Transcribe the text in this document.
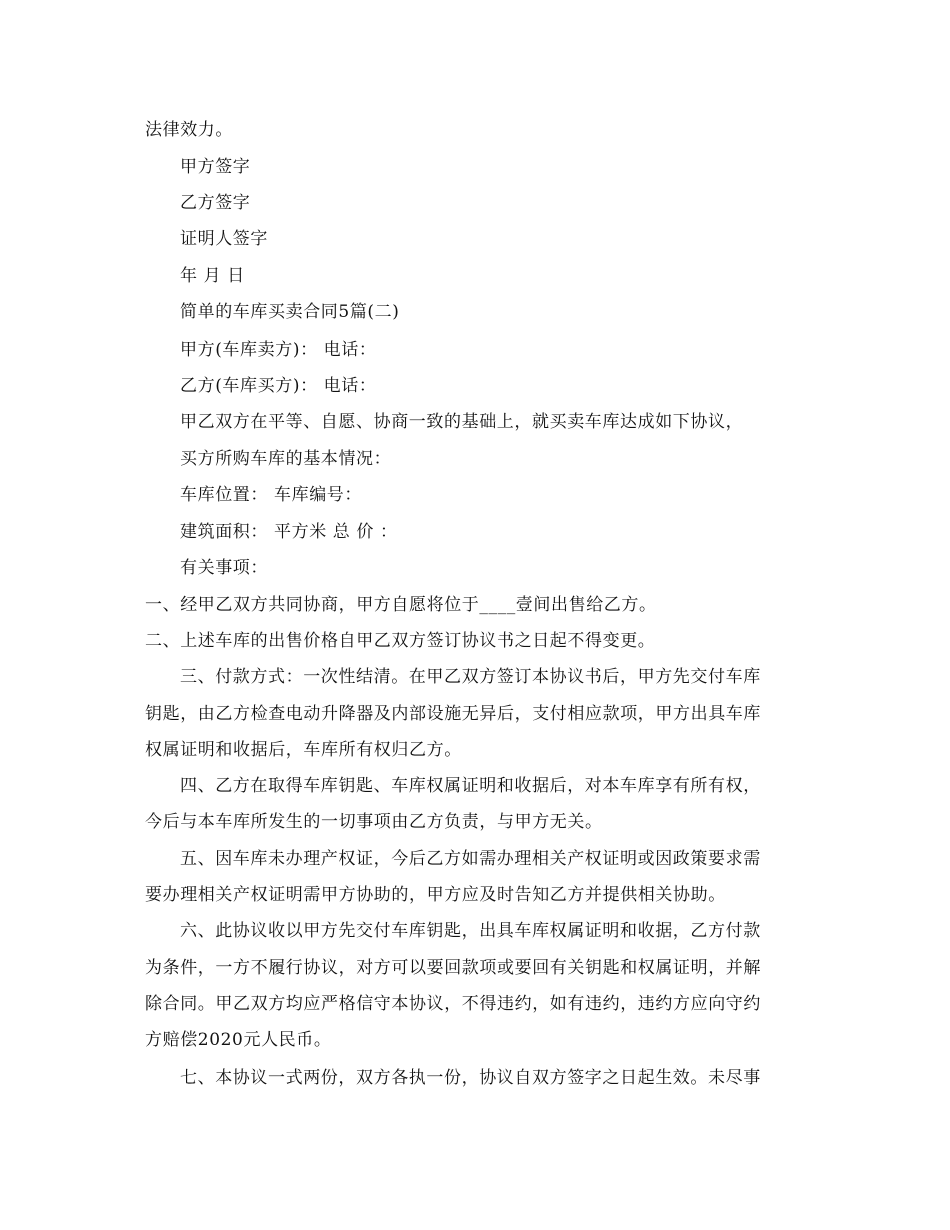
法律效力。
甲方签字
乙方签字
证明人签字
年 月 日
简单的车库买卖合同5篇(二)
甲方(车库卖方)： 电话：
乙方(车库买方)： 电话：
甲乙双方在平等、自愿、协商一致的基础上，就买卖车库达成如下协议，
买方所购车库的基本情况：
车库位置： 车库编号：
建筑面积： 平方米 总 价 ：
有关事项：
一、经甲乙双方共同协商，甲方自愿将位于____壹间出售给乙方。
二、上述车库的出售价格自甲乙双方签订协议书之日起不得变更。
三、付款方式：一次性结清。在甲乙双方签订本协议书后，甲方先交付车库
钥匙，由乙方检查电动升降器及内部设施无异后，支付相应款项，甲方出具车库
权属证明和收据后，车库所有权归乙方。
四、乙方在取得车库钥匙、车库权属证明和收据后，对本车库享有所有权，
今后与本车库所发生的一切事项由乙方负责，与甲方无关。
五、因车库未办理产权证，今后乙方如需办理相关产权证明或因政策要求需
要办理相关产权证明需甲方协助的，甲方应及时告知乙方并提供相关协助。
六、此协议收以甲方先交付车库钥匙，出具车库权属证明和收据，乙方付款
为条件，一方不履行协议，对方可以要回款项或要回有关钥匙和权属证明，并解
除合同。甲乙双方均应严格信守本协议，不得违约，如有违约，违约方应向守约
方赔偿2020元人民币。
七、本协议一式两份，双方各执一份，协议自双方签字之日起生效。未尽事
